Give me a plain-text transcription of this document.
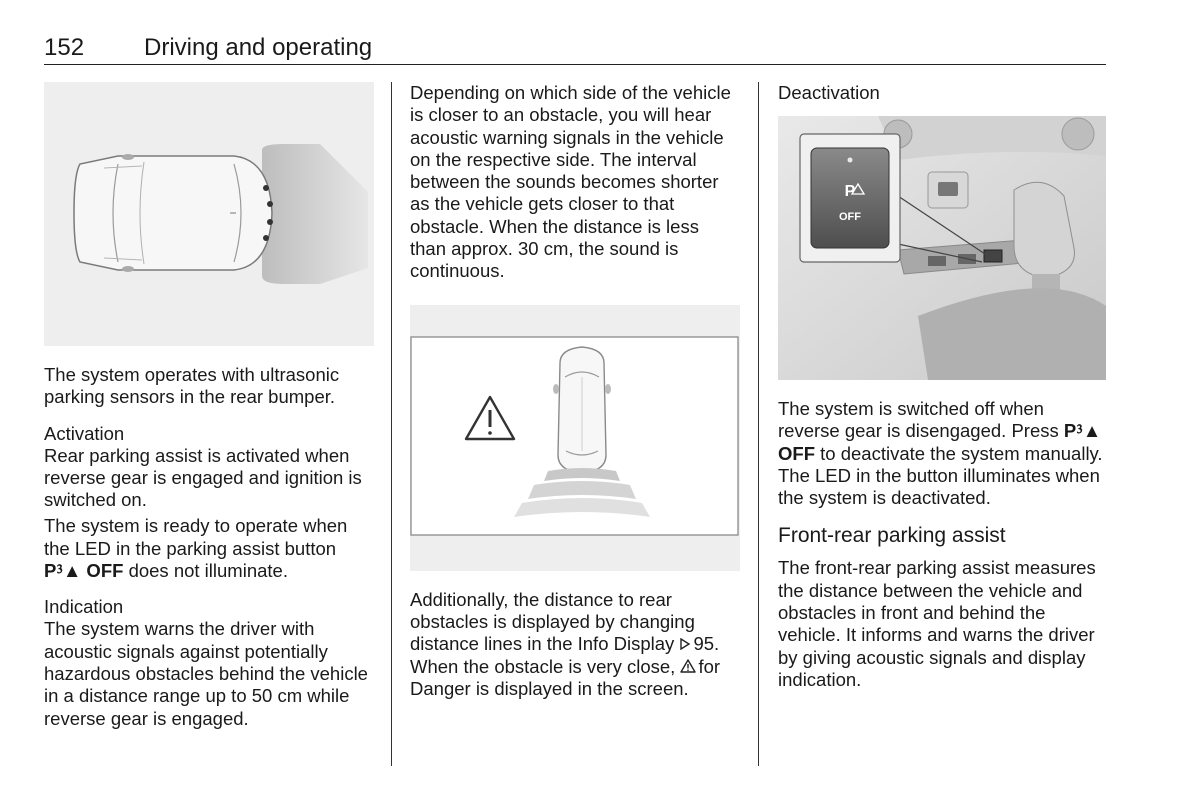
152 Driving and operating

The system operates with ultrasonic parking sensors in the rear bumper.

Activation

Rear parking assist is activated when reverse gear is engaged and ignition is switched on.

The system is ready to operate when the LED in the parking assist button P⁳▲ OFF does not illuminate.

Indication

The system warns the driver with acoustic signals against potentially hazardous obstacles behind the vehicle in a distance range up to 50 cm while reverse gear is engaged.

Depending on which side of the vehicle is closer to an obstacle, you will hear acoustic warning signals in the vehicle on the respective side. The interval between the sounds becomes shorter as the vehicle gets closer to that obstacle. When the distance is less than approx. 30 cm, the sound is continuous.

Additionally, the distance to rear obstacles is displayed by changing distance lines in the Info Display 95. When the obstacle is very close, for Danger is displayed in the screen.

Deactivation
P
OFF

The system is switched off when reverse gear is disengaged. Press P⁳▲ OFF to deactivate the system manually. The LED in the button illuminates when the system is deactivated.

Front-rear parking assist

The front-rear parking assist measures the distance between the vehicle and obstacles in front and behind the vehicle. It informs and warns the driver by giving acoustic signals and display indication.
